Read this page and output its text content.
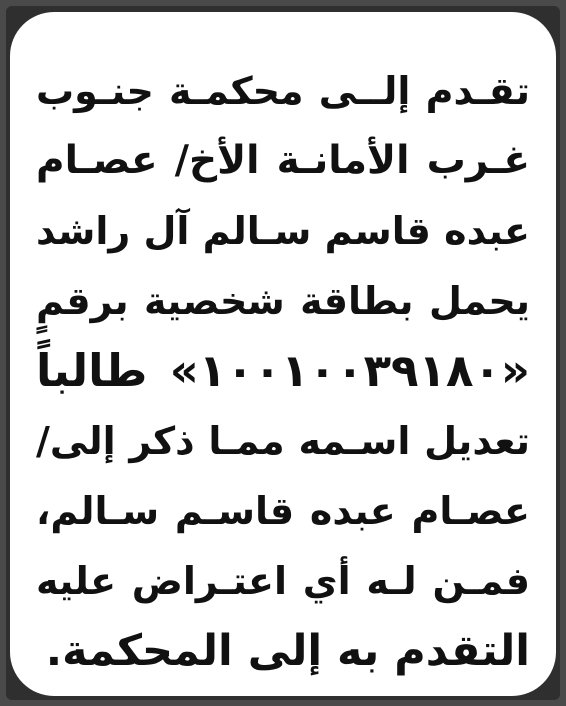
تقـدم إلــى محكمـة جنـوب
غـرب الأمانـة الأخ/ عصـام
عبده قاسم سـالم آل راشد
يحمل بطاقة شخصية برقمٍ
«١٠٠١٠٠٣٩١٨٠» طالباً
تعديل اسـمه ممـا ذكر إلى/
عصـام عبده قاسـم سـالم،
فمـن لـه أي اعتـراض عليه
التقدم به إلى المحكمة.
